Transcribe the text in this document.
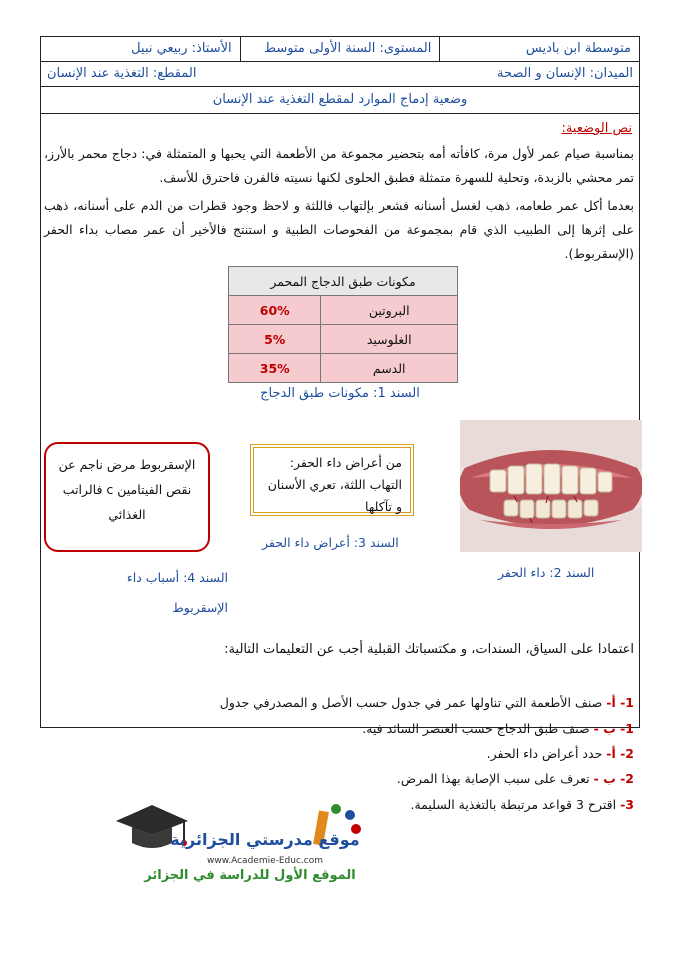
متوسطة ابن باديس
المستوى: السنة الأولى متوسط
الأستاذ: ربيعي نبيل
الميدان: الإنسان و الصحة
المقطع: التغذية عند الإنسان
وضعية إدماج الموارد لمقطع التغذية عند الإنسان
نص الوضعية:
بمناسبة صيام عمر لأول مرة، كافأته أمه بتحضير مجموعة من الأطعمة التي يحبها و المتمثلة في: دجاج محمر بالأرز، تمر محشي بالزبدة، وتحلية للسهرة متمثلة فطبق الحلوى لكنها نسيته فالفرن فاحترق للأسف.
بعدما أكل عمر طعامه، ذهب لغسل أسنانه فشعر بإلتهاب فاللثة و لاحظ وجود قطرات من الدم على أسنانه، ذهب على إثرها إلى الطبيب الذي قام بمجموعة من الفحوصات الطبية و استنتج فالأخير أن عمر مصاب بداء الحفر (الإسقربوط).
مكونات طبق الدجاج المحمر	
البروتين	60%
الغلوسيد	5%
الدسم	35%
السند 1: مكونات طبق الدجاج
السند 2: داء الحفر
من أعراض داء الحفر: التهاب اللثة، تعري الأسنان و تآكلها
السند 3: أعراض داء الحفر
الإسقربوط مرض ناجم عن نقص الفيتامين c فالراتب الغذائي
السند 4: أسباب داء الإسقربوط
اعتمادا على السياق، السندات، و مكتسباتك القبلية أجب عن التعليمات التالية:
1- أ- صنف الأطعمة التي تناولها عمر في جدول حسب الأصل و المصدرفي جدول
1- ب - صنف طبق الدجاج حسب العنصر السائد فيه.
2- أ- حدد أعراض داء الحفر.
2- ب - تعرف على سبب الإصابة بهذا المرض.
3- اقترح 3 قواعد مرتبطة بالتغذية السليمة.
موقع مدرستي الجزائرية
www.Academie-Educ.com
الموقع الأول للدراسة في الجزائر
